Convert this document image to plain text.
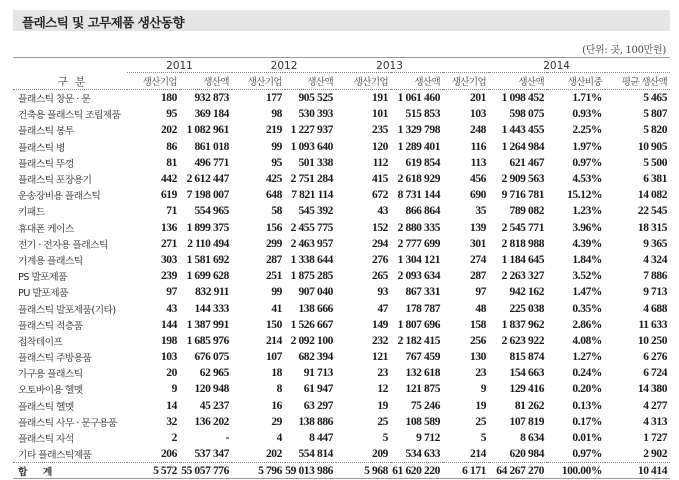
플래스틱 및 고무제품 생산동향
(단위: 곳, 100만원)
구 분	2011		2012		2013		2014			
	생산기업	생산액	생산기업	생산액	생산기업	생산액	생산기업	생산액	생산비중	평균 생산액
플래스틱 창문 · 문	180	932 873	177	905 525	191	1 061 460	201	1 098 452	1.71%	5 465
건축용 플래스틱 조립제품	95	369 184	98	530 393	101	515 853	103	598 075	0.93%	5 807
플래스틱 봉투	202	1 082 961	219	1 227 937	235	1 329 798	248	1 443 455	2.25%	5 820
플래스틱 병	86	861 018	99	1 093 640	120	1 289 401	116	1 264 984	1.97%	10 905
플래스틱 뚜껑	81	496 771	95	501 338	112	619 854	113	621 467	0.97%	5 500
플래스틱 포장용기	442	2 612 447	425	2 751 284	415	2 618 929	456	2 909 563	4.53%	6 381
운송장비용 플래스틱	619	7 198 007	648	7 821 114	672	8 731 144	690	9 716 781	15.12%	14 082
키패드	71	554 965	58	545 392	43	866 864	35	789 082	1.23%	22 545
휴대폰 케이스	136	1 899 375	156	2 455 775	152	2 880 335	139	2 545 771	3.96%	18 315
전기 · 전자용 플래스틱	271	2 110 494	299	2 463 957	294	2 777 699	301	2 818 988	4.39%	9 365
기계용 플래스틱	303	1 581 692	287	1 338 644	276	1 304 121	274	1 184 645	1.84%	4 324
PS 발포제품	239	1 699 628	251	1 875 285	265	2 093 634	287	2 263 327	3.52%	7 886
PU 발포제품	97	832 911	99	907 040	93	867 331	97	942 162	1.47%	9 713
플래스틱 발포제품(기타)	43	144 333	41	138 666	47	178 787	48	225 038	0.35%	4 688
플래스틱 적층품	144	1 387 991	150	1 526 667	149	1 807 696	158	1 837 962	2.86%	11 633
접착테이프	198	1 685 976	214	2 092 100	232	2 182 415	256	2 623 922	4.08%	10 250
플래스틱 주방용품	103	676 075	107	682 394	121	767 459	130	815 874	1.27%	6 276
가구용 플래스틱	20	62 965	18	91 713	23	132 618	23	154 663	0.24%	6 724
오토바이용 헬멧	9	120 948	8	61 947	12	121 875	9	129 416	0.20%	14 380
플래스틱 헬멧	14	45 237	16	63 297	19	75 246	19	81 262	0.13%	4 277
플래스틱 사무 · 문구용품	32	136 202	29	138 886	25	108 589	25	107 819	0.17%	4 313
플래스틱 자석	2	-	4	8 447	5	9 712	5	8 634	0.01%	1 727
기타 플래스틱제품	206	537 347	202	554 814	209	534 633	214	620 984	0.97%	2 902
합 계	5 572	55 057 776	5 796	59 013 986	5 968	61 620 220	6 171	64 267 270	100.00%	10 414
